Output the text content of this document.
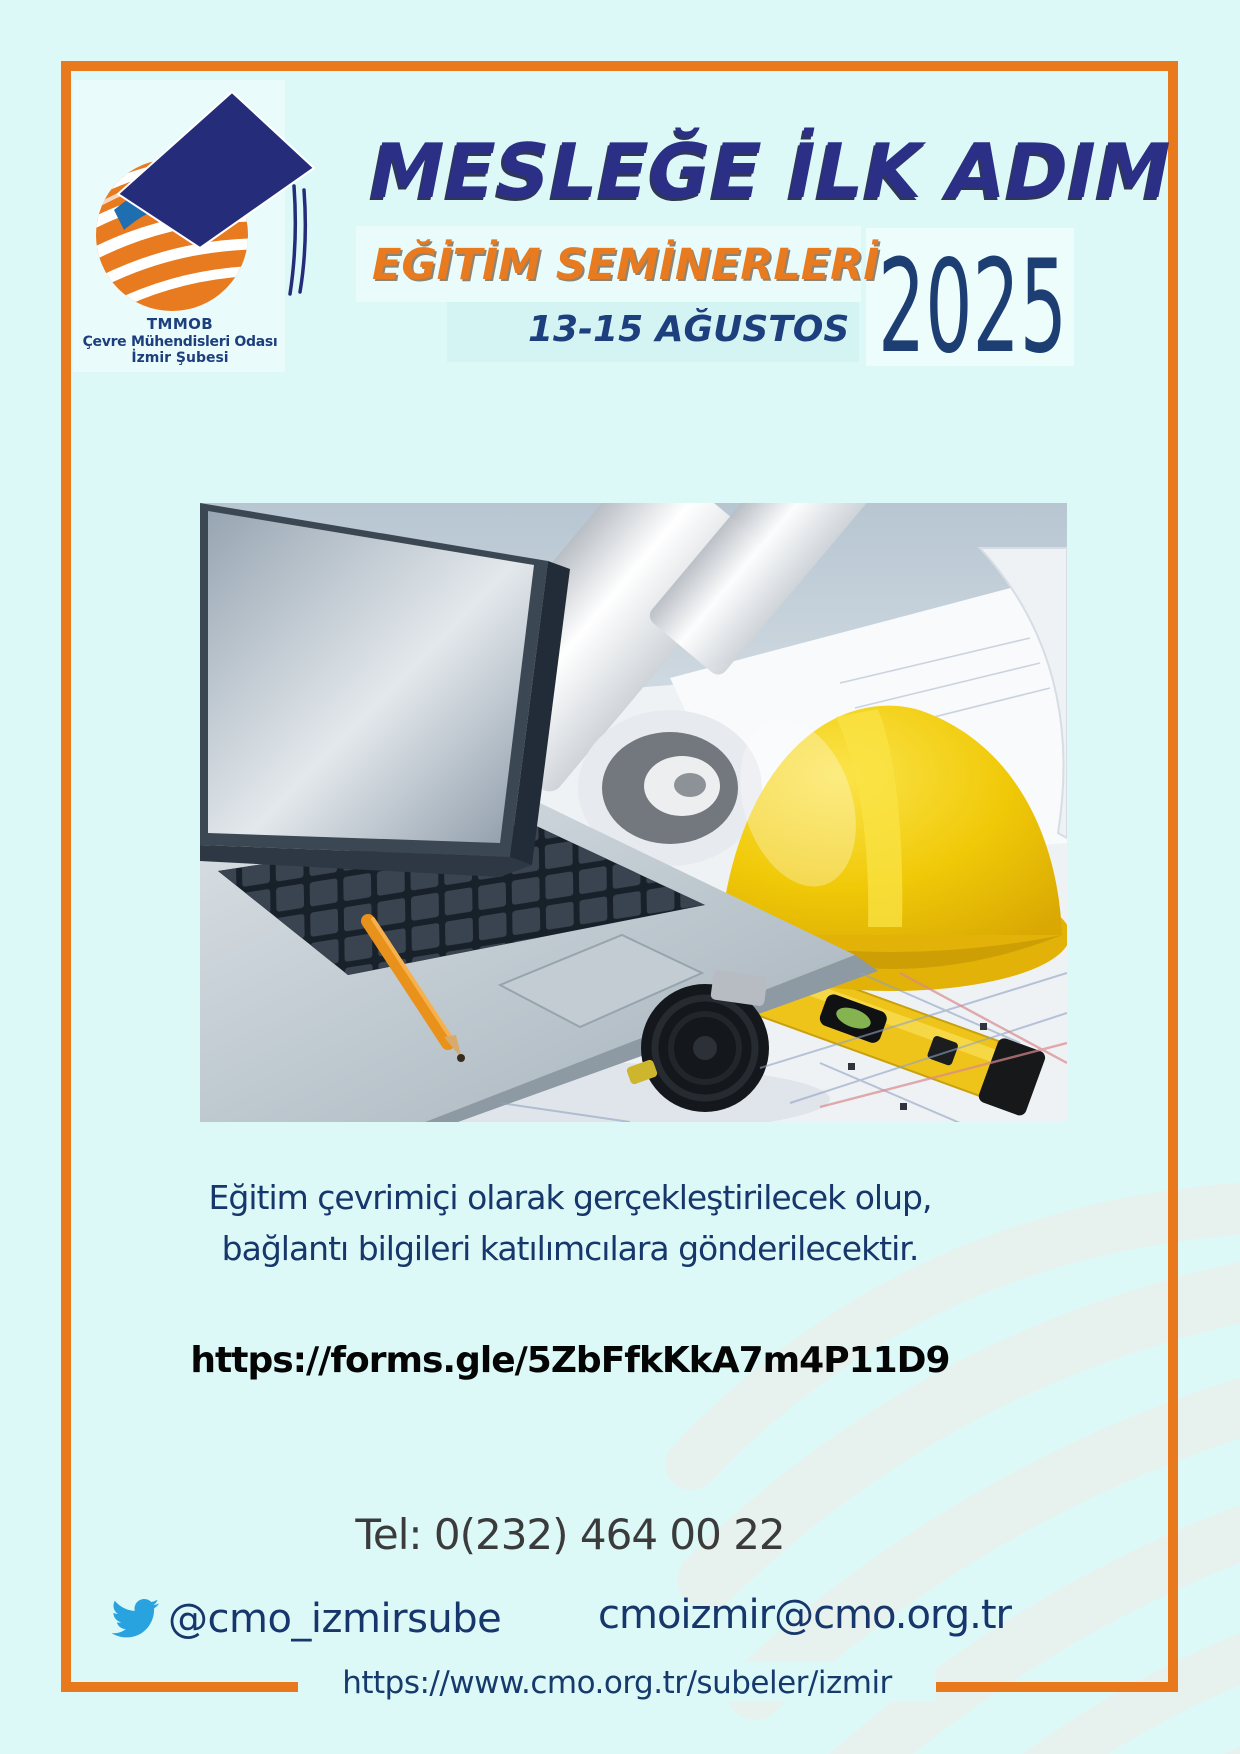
TMMOB
Çevre Mühendisleri Odası
İzmir Şubesi
MESLEĞE İLK ADIM
EĞİTİM SEMİNERLERİ
13-15 AĞUSTOS 2025
Eğitim çevrimiçi olarak gerçekleştirilecek olup,
bağlantı bilgileri katılımcılara gönderilecektir.
https://forms.gle/5ZbFfkKkA7m4P11D9
Tel: 0(232) 464 00 22
@cmo_izmirsube cmoizmir@cmo.org.tr
https://www.cmo.org.tr/subeler/izmir
